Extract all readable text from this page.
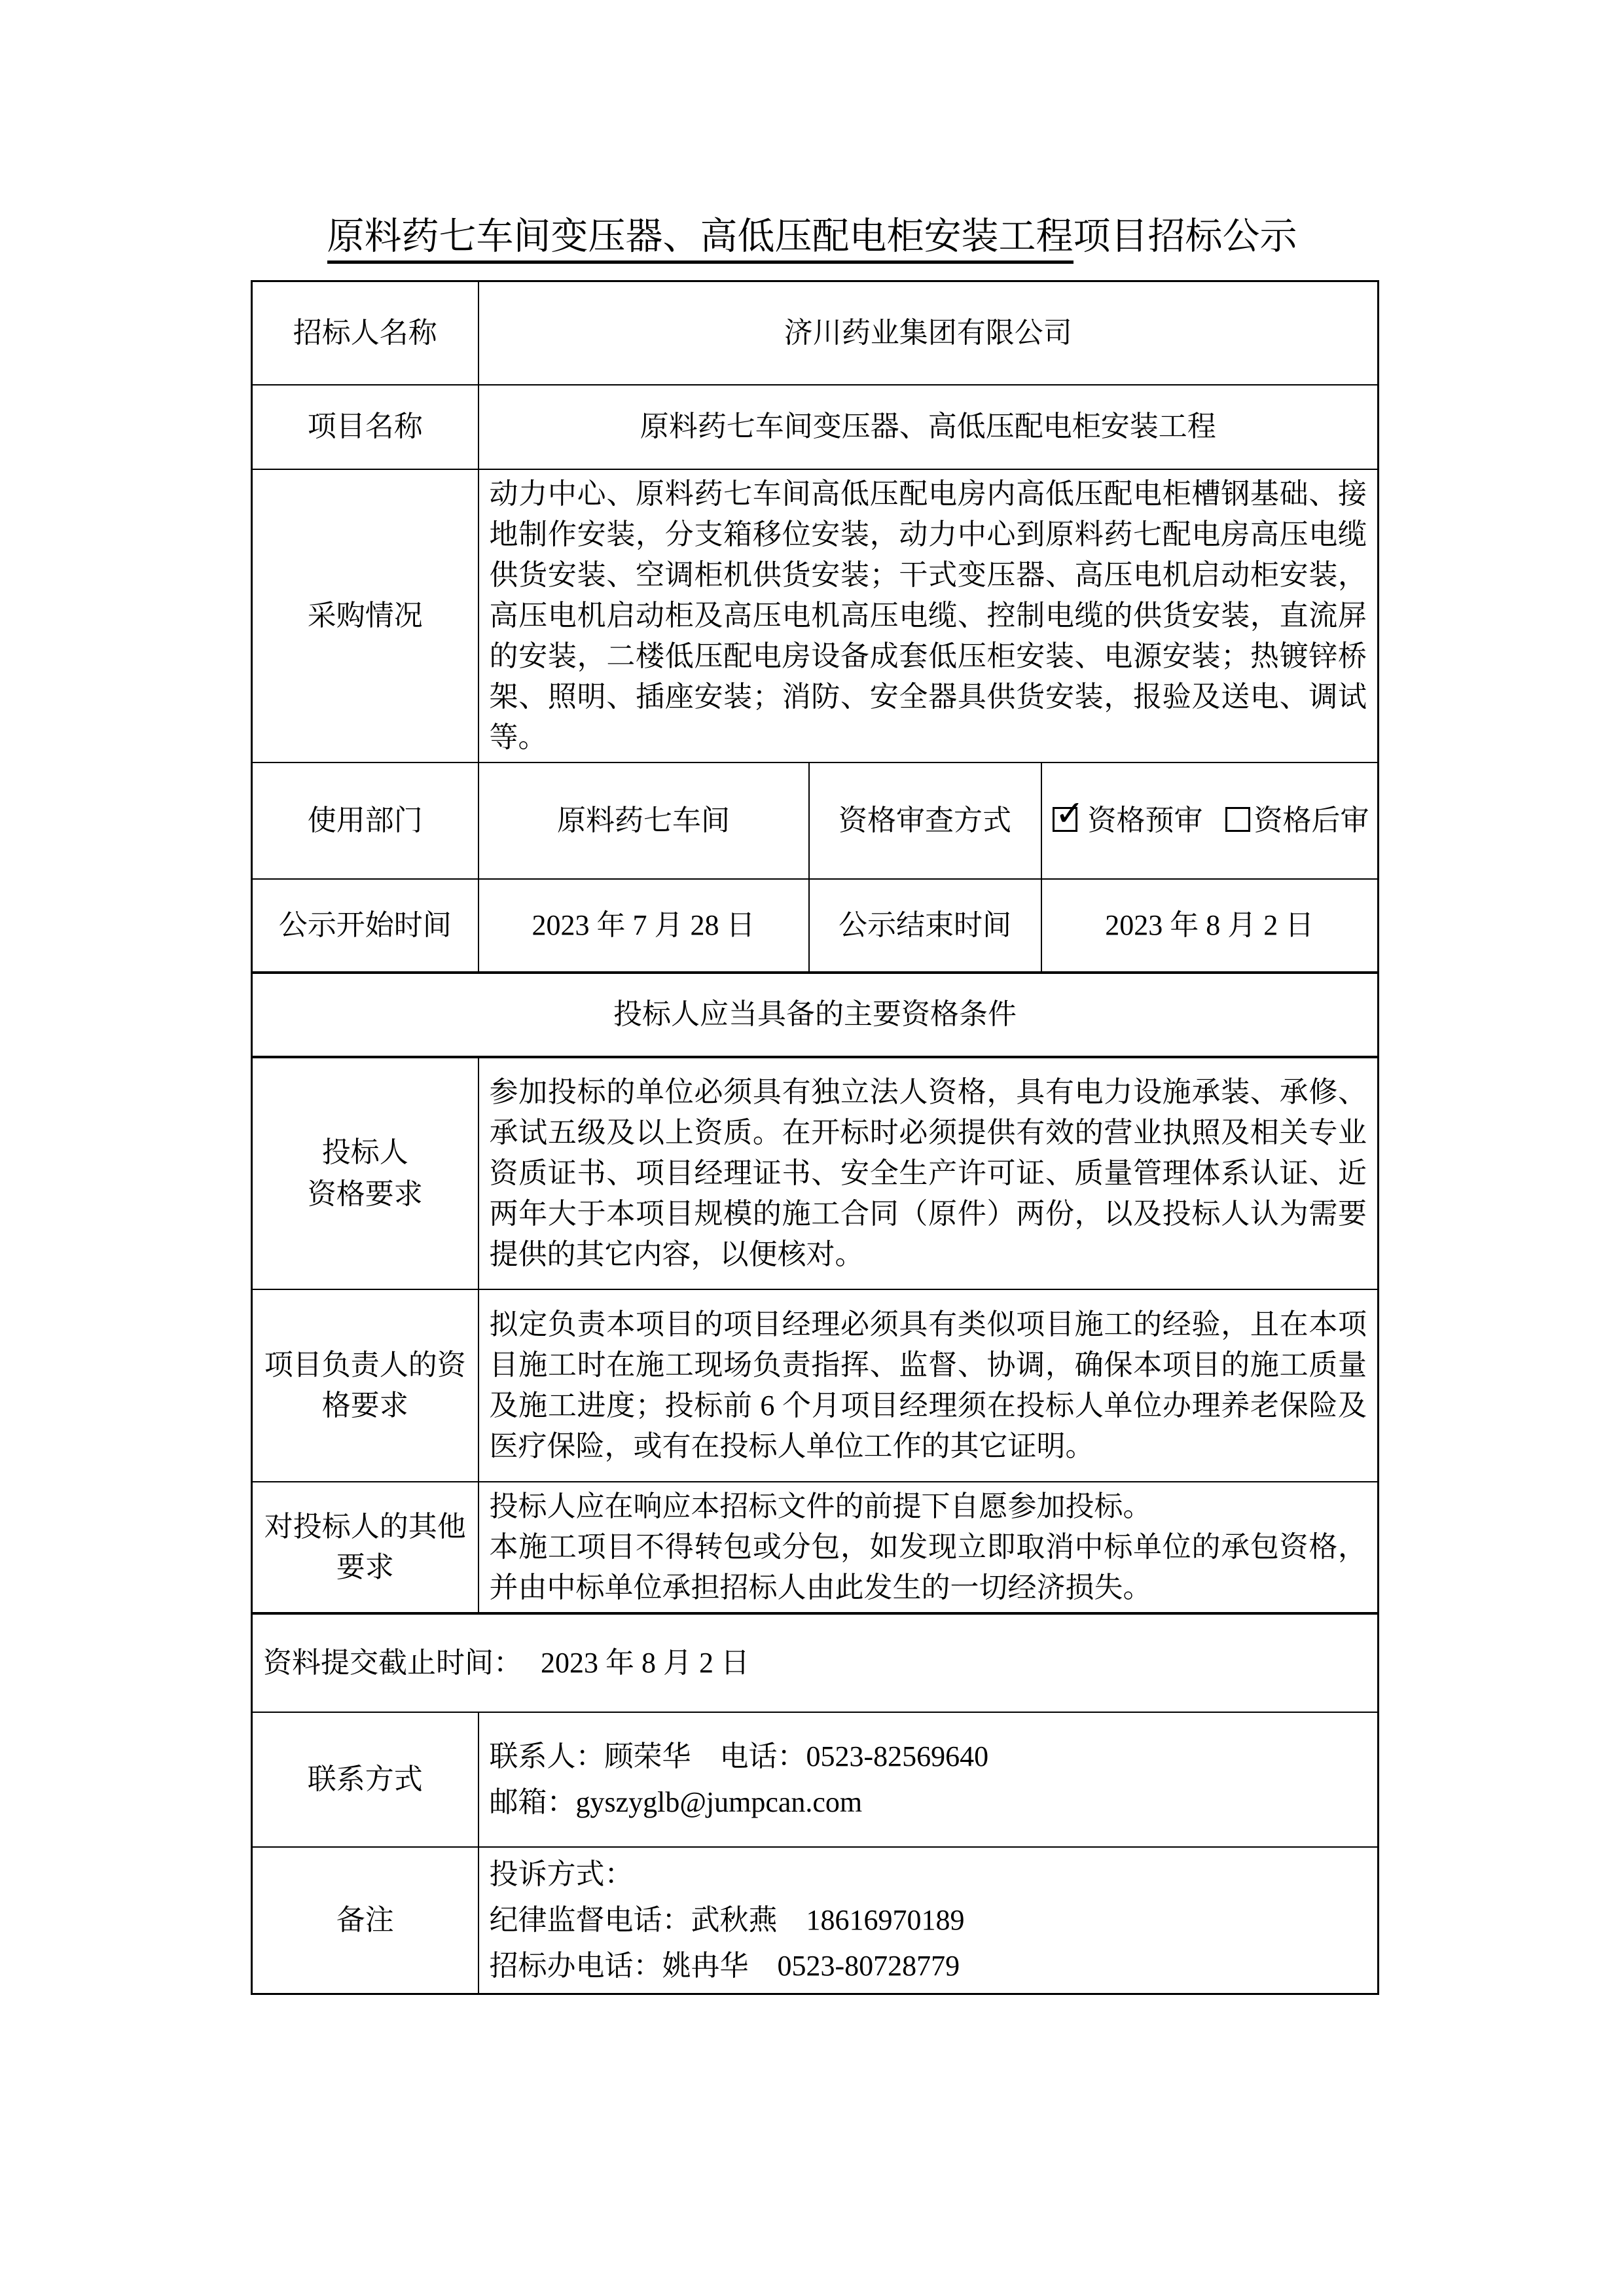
原料药七车间变压器、高低压配电柜安装工程项目招标公示
招标人名称	济川药业集团有限公司		
项目名称	原料药七车间变压器、高低压配电柜安装工程		
采购情况	动力中心、原料药七车间高低压配电房内高低压配电柜槽钢基础、接地制作安装，分支箱移位安装，动力中心到原料药七配电房高压电缆供货安装、空调柜机供货安装；干式变压器、高压电机启动柜安装，高压电机启动柜及高压电机高压电缆、控制电缆的供货安装，直流屏的安装，二楼低压配电房设备成套低压柜安装、电源安装；热镀锌桥架、照明、插座安装；消防、安全器具供货安装，报验及送电、调试等。		
使用部门	原料药七车间	资格审查方式	✓ 资格预审 资格后审
公示开始时间	2023 年 7 月 28 日	公示结束时间	2023 年 8 月 2 日
投标人应当具备的主要资格条件			

投标人
资格要求	参加投标的单位必须具有独立法人资格，具有电力设施承装、承修、承试五级及以上资质。在开标时必须提供有效的营业执照及相关专业资质证书、项目经理证书、安全生产许可证、质量管理体系认证、近两年大于本项目规模的施工合同（原件）两份，以及投标人认为需要提供的其它内容，以便核对。		
项目负责人的资格要求	拟定负责本项目的项目经理必须具有类似项目施工的经验，且在本项目施工时在施工现场负责指挥、监督、协调，确保本项目的施工质量及施工进度；投标前 6 个月项目经理须在投标人单位办理养老保险及医疗保险，或有在投标人单位工作的其它证明。		
对投标人的其他要求	投标人应在响应本招标文件的前提下自愿参加投标。
本施工项目不得转包或分包，如发现立即取消中标单位的承包资格，并由中标单位承担招标人由此发生的一切经济损失。		

资料提交截止时间： 2023 年 8 月 2 日			
联系方式	联系人：顾荣华　电话：0523-82569640
邮箱：gyszyglb@jumpcan.com		

备注	投诉方式：
纪律监督电话：武秋燕　18616970189
招标办电话：姚冉华　0523-80728779		
